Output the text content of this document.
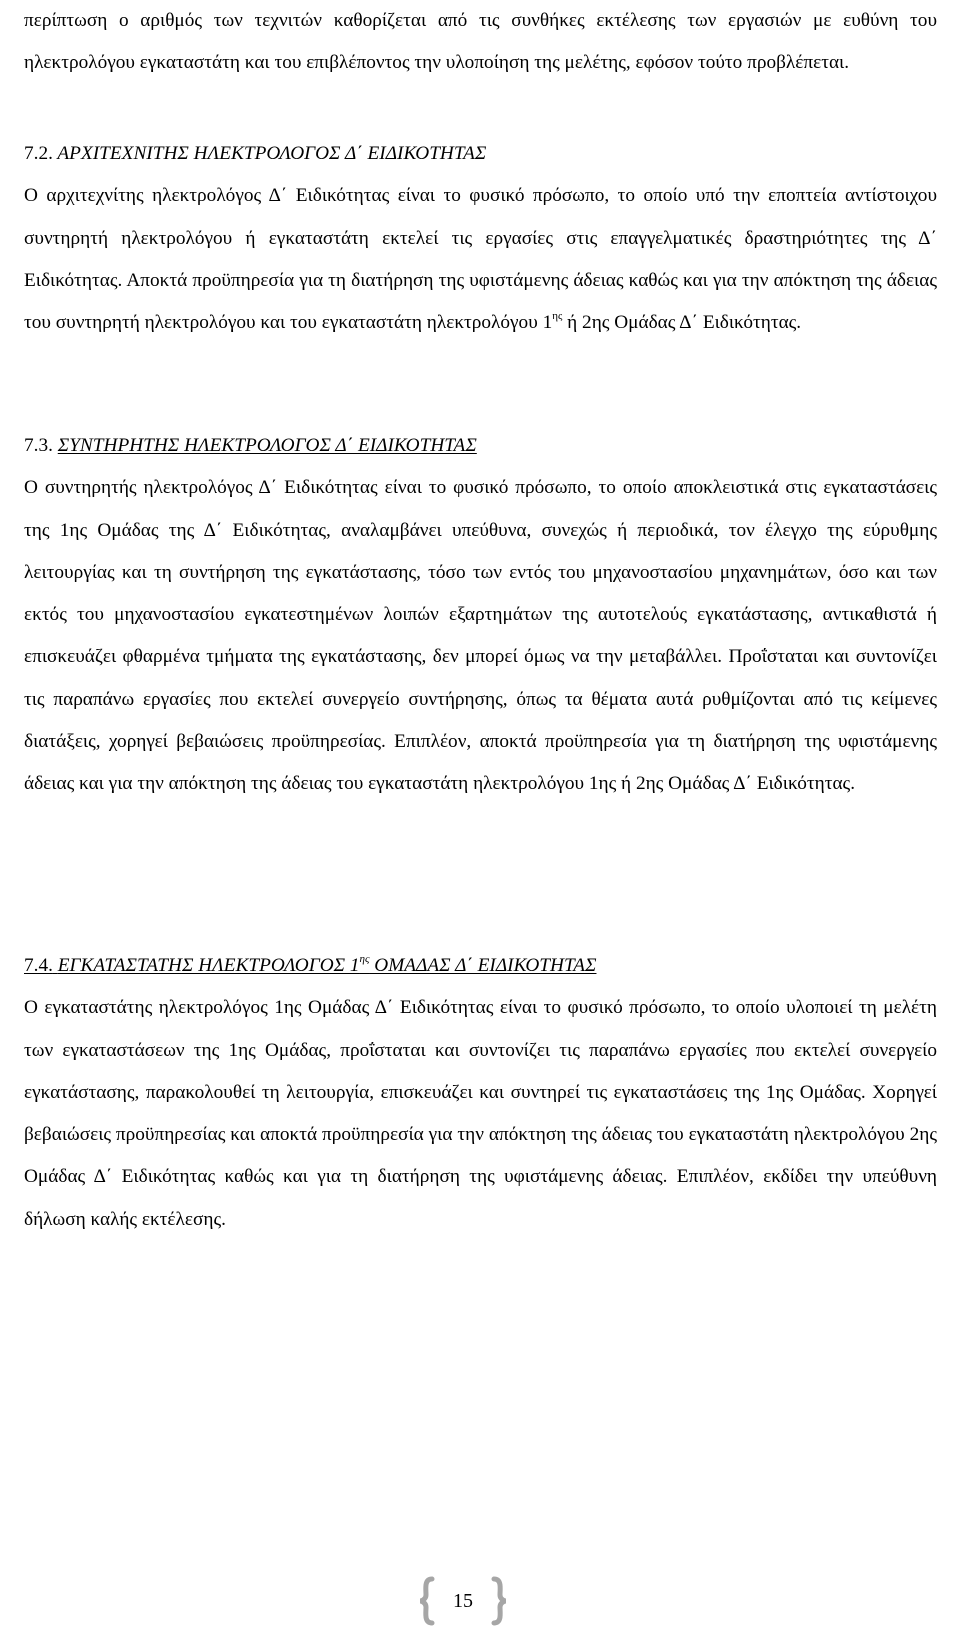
περίπτωση ο αριθμός των τεχνιτών καθορίζεται από τις συνθήκες εκτέλεσης των εργασιών με ευθύνη του ηλεκτρολόγου εγκαταστάτη και του επιβλέποντος την υλοποίηση της μελέτης, εφόσον τούτο προβλέπεται.

7.2. ΑΡΧΙΤΕΧΝΙΤΗΣ ΗΛΕΚΤΡΟΛΟΓΟΣ Δ΄ ΕΙΔΙΚΟΤΗΤΑΣ

Ο αρχιτεχνίτης ηλεκτρολόγος Δ΄ Ειδικότητας είναι το φυσικό πρόσωπο, το οποίο υπό την εποπτεία αντίστοιχου συντηρητή ηλεκτρολόγου ή εγκαταστάτη εκτελεί τις εργασίες στις επαγγελματικές δραστηριότητες της Δ΄ Ειδικότητας. Αποκτά προϋπηρεσία για τη διατήρηση της υφιστάμενης άδειας καθώς και για την απόκτηση της άδειας του συντηρητή ηλεκτρολόγου και του εγκαταστάτη ηλεκτρολόγου $1^{\eta\varsigma}$ ή 2ης Ομάδας Δ΄ Ειδικότητας.

7.3. ΣΥΝΤΗΡΗΤΗΣ ΗΛΕΚΤΡΟΛΟΓΟΣ Δ΄ ΕΙΔΙΚΟΤΗΤΑΣ

Ο συντηρητής ηλεκτρολόγος Δ΄ Ειδικότητας είναι το φυσικό πρόσωπο, το οποίο αποκλειστικά στις εγκαταστάσεις της 1ης Ομάδας της Δ΄ Ειδικότητας, αναλαμβάνει υπεύθυνα, συνεχώς ή περιοδικά, τον έλεγχο της εύρυθμης λειτουργίας και τη συντήρηση της εγκατάστασης, τόσο των εντός του μηχανοστασίου μηχανημάτων, όσο και των εκτός του μηχανοστασίου εγκατεστημένων λοιπών εξαρτημάτων της αυτοτελούς εγκατάστασης, αντικαθιστά ή επισκευάζει φθαρμένα τμήματα της εγκατάστασης, δεν μπορεί όμως να την μεταβάλλει. Προΐσταται και συντονίζει τις παραπάνω εργασίες που εκτελεί συνεργείο συντήρησης, όπως τα θέματα αυτά ρυθμίζονται από τις κείμενες διατάξεις, χορηγεί βεβαιώσεις προϋπηρεσίας. Επιπλέον, αποκτά προϋπηρεσία για τη διατήρηση της υφιστάμενης άδειας και για την απόκτηση της άδειας του εγκαταστάτη ηλεκτρολόγου 1ης ή 2ης Ομάδας Δ΄ Ειδικότητας.

7.4. ΕΓΚΑΤΑΣΤΑΤΗΣ ΗΛΕΚΤΡΟΛΟΓΟΣ $1^{\eta\varsigma}$ ΟΜΑΔΑΣ Δ΄ ΕΙΔΙΚΟΤΗΤΑΣ

Ο εγκαταστάτης ηλεκτρολόγος 1ης Ομάδας Δ΄ Ειδικότητας είναι το φυσικό πρόσωπο, το οποίο υλοποιεί τη μελέτη των εγκαταστάσεων της 1ης Ομάδας, προΐσταται και συντονίζει τις παραπάνω εργασίες που εκτελεί συνεργείο εγκατάστασης, παρακολουθεί τη λειτουργία, επισκευάζει και συντηρεί τις εγκαταστάσεις της 1ης Ομάδας. Χορηγεί βεβαιώσεις προϋπηρεσίας και αποκτά προϋπηρεσία για την απόκτηση της άδειας του εγκαταστάτη ηλεκτρολόγου 2ης Ομάδας Δ΄ Ειδικότητας καθώς και για τη διατήρηση της υφιστάμενης άδειας. Επιπλέον, εκδίδει την υπεύθυνη δήλωση καλής εκτέλεσης.

15
